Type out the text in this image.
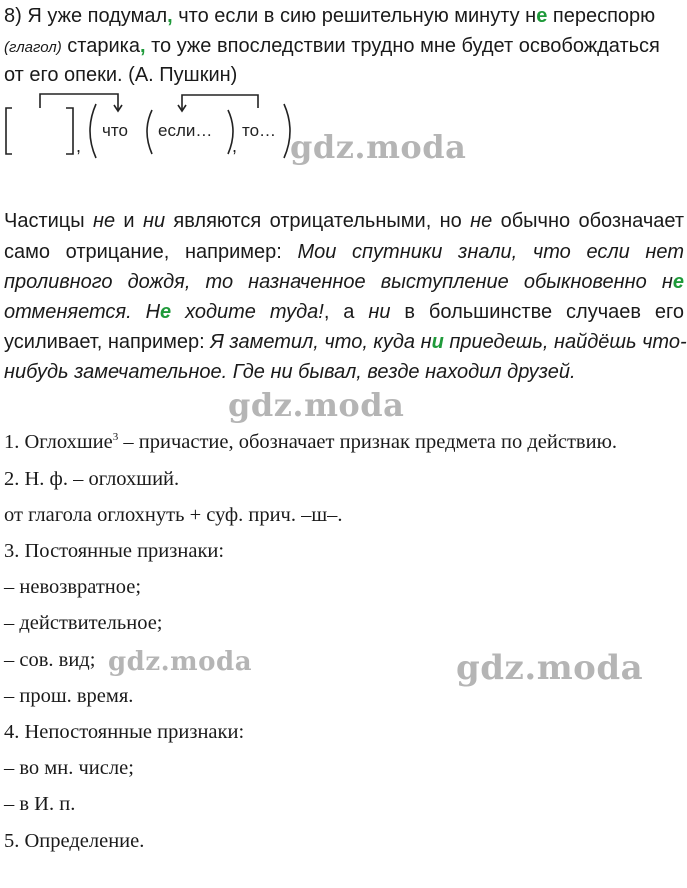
8) Я уже подумал, что если в сию решительную минуту не переспорю
(глагол) старика, то уже впоследствии трудно мне будет освобождаться
от его опеки. (А. Пушкин)
,	,
что если… то… gdz.moda
Частицы не и ни являются отрицательными, но не обычно обозначает
само отрицание, например: Мои спутники знали, что если нет
проливного дождя, то назначенное выступление обыкновенно не
отменяется. Не ходите туда!, а ни в большинстве случаев его
усиливает, например: Я заметил, что, куда ни приедешь, найдёшь что-
нибудь замечательное. Где ни бывал, везде находил друзей.
gdz.moda
1. Оглохшие$^3$ – причастие, обозначает признак предмета по действию.
2. Н. ф. – оглохший.
от глагола оглохнуть + суф. прич. –ш–.
3. Постоянные признаки:
– невозвратное;
– действительное;
– сов. вид;
– прош. время.
4. Непостоянные признаки:
– во мн. числе;
– в И. п.
5. Определение.
gdz.moda	gdz.moda
